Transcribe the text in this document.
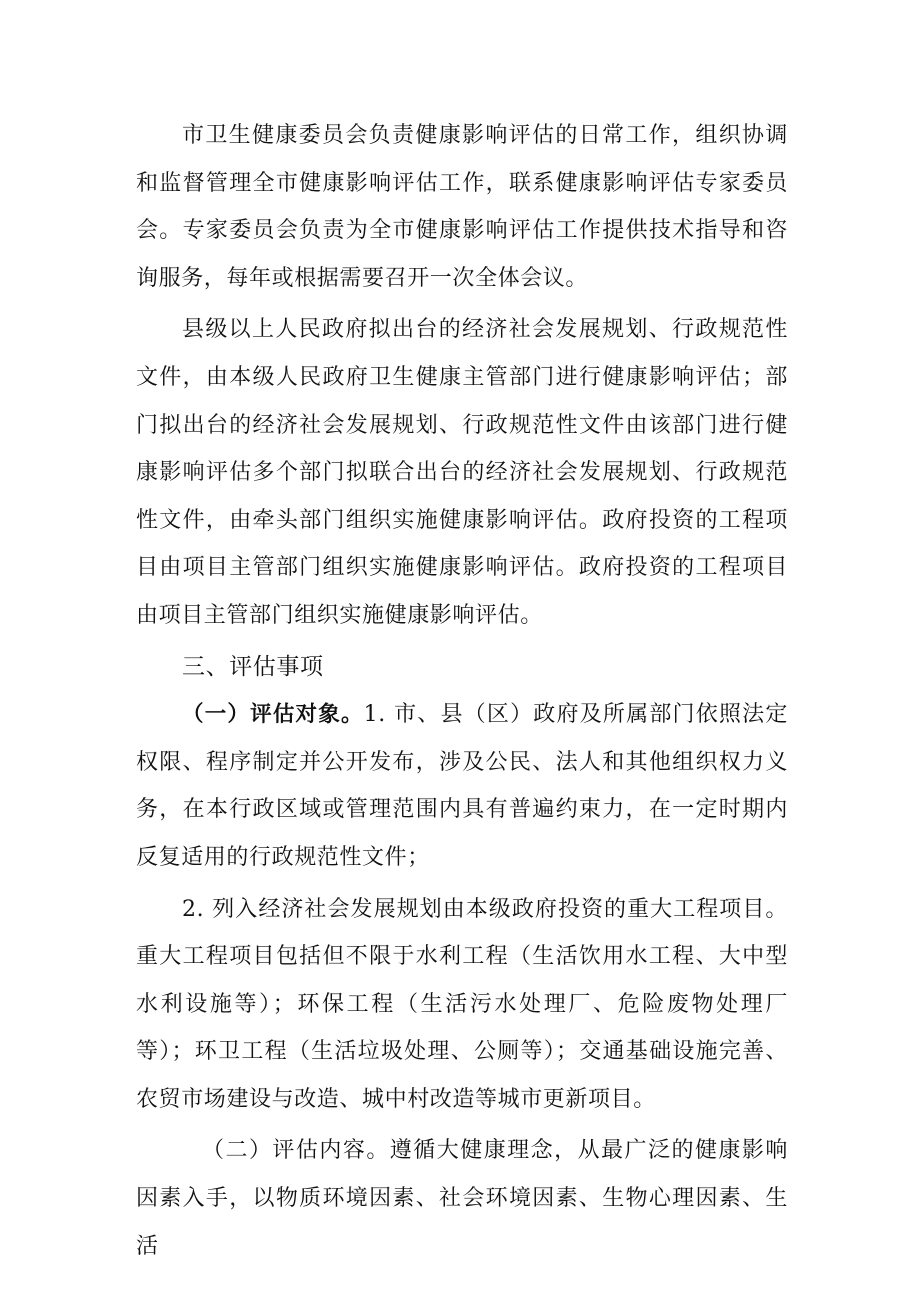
市卫生健康委员会负责健康影响评估的日常工作，组织协调和监督管理全市健康影响评估工作，联系健康影响评估专家委员会。专家委员会负责为全市健康影响评估工作提供技术指导和咨询服务，每年或根据需要召开一次全体会议。

县级以上人民政府拟出台的经济社会发展规划、行政规范性文件，由本级人民政府卫生健康主管部门进行健康影响评估；部门拟出台的经济社会发展规划、行政规范性文件由该部门进行健康影响评估多个部门拟联合出台的经济社会发展规划、行政规范性文件，由牵头部门组织实施健康影响评估。政府投资的工程项目由项目主管部门组织实施健康影响评估。政府投资的工程项目由项目主管部门组织实施健康影响评估。

三、评估事项

（一）评估对象。1. 市、县（区）政府及所属部门依照法定权限、程序制定并公开发布，涉及公民、法人和其他组织权力义务，在本行政区域或管理范围内具有普遍约束力，在一定时期内反复适用的行政规范性文件；

2. 列入经济社会发展规划由本级政府投资的重大工程项目。重大工程项目包括但不限于水利工程（生活饮用水工程、大中型水利设施等）；环保工程（生活污水处理厂、危险废物处理厂等）；环卫工程（生活垃圾处理、公厕等）；交通基础设施完善、农贸市场建设与改造、城中村改造等城市更新项目。

（二）评估内容。遵循大健康理念，从最广泛的健康影响因素入手，以物质环境因素、社会环境因素、生物心理因素、生活
